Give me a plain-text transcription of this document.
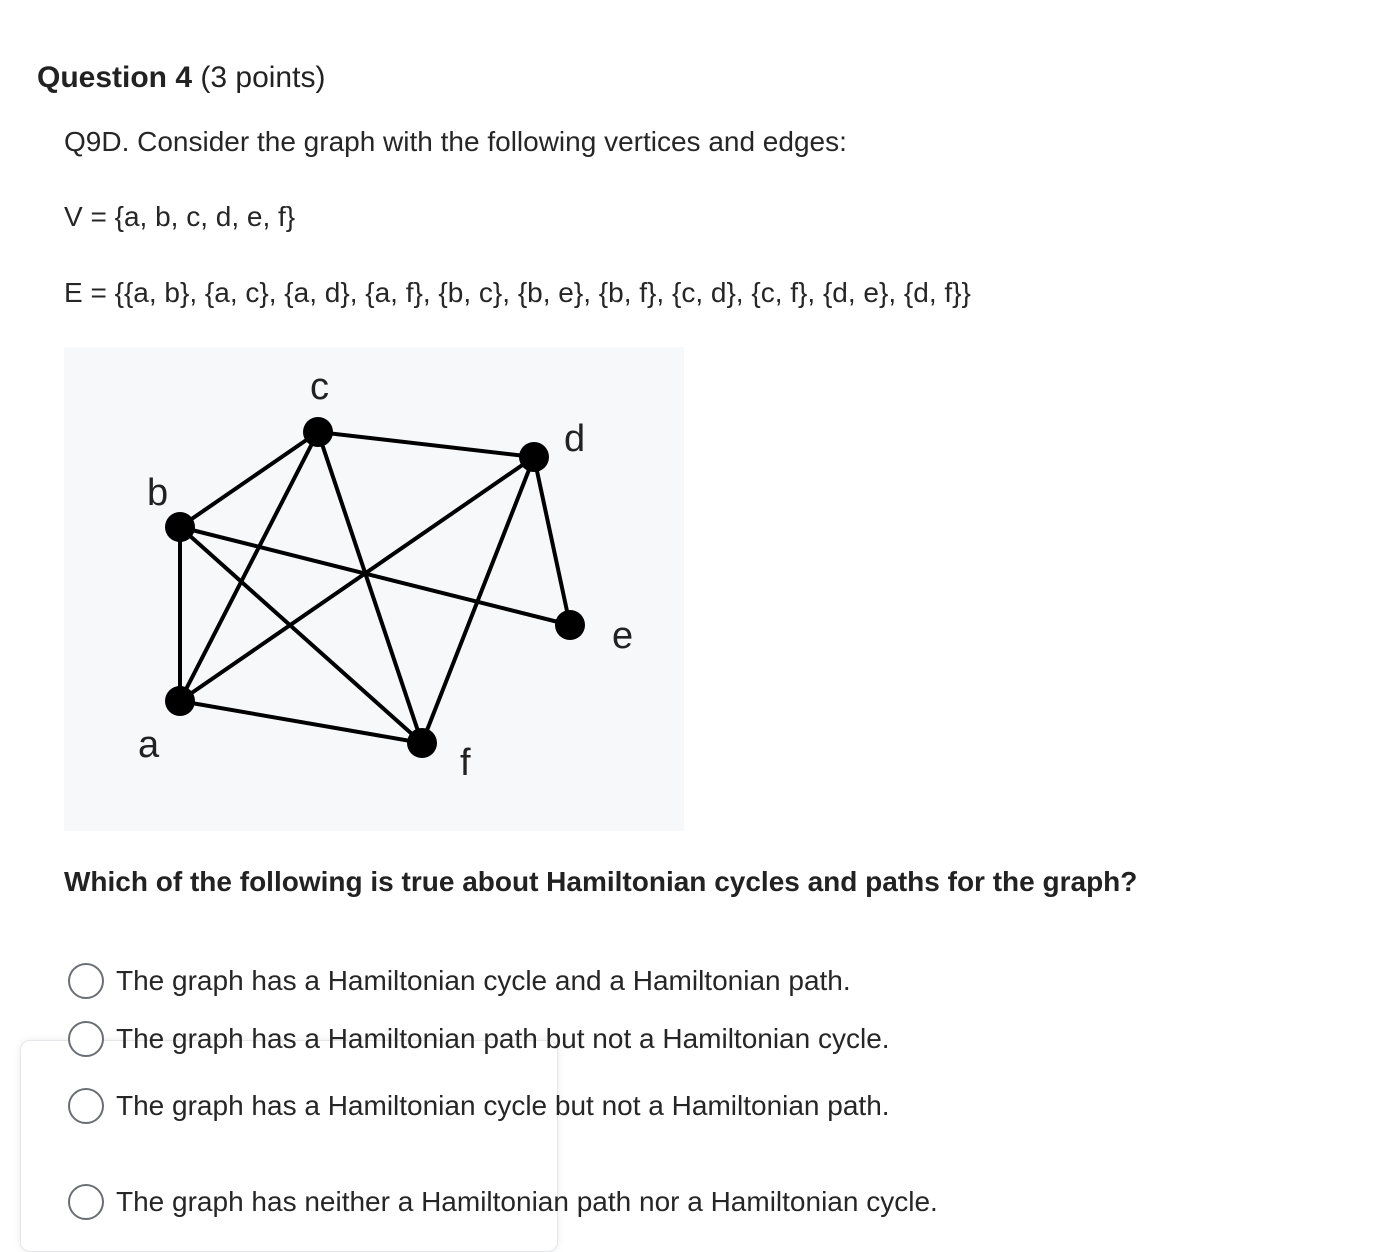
Question 4 (3 points)
Q9D. Consider the graph with the following vertices and edges:
V = {a, b, c, d, e, f}
E = {{a, b}, {a, c}, {a, d}, {a, f}, {b, c}, {b, e}, {b, f}, {c, d}, {c, f}, {d, e}, {d, f}}
a
b
c
d
e
f
Which of the following is true about Hamiltonian cycles and paths for the graph?
The graph has a Hamiltonian cycle and a Hamiltonian path.
The graph has a Hamiltonian path but not a Hamiltonian cycle.
The graph has a Hamiltonian cycle but not a Hamiltonian path.
The graph has neither a Hamiltonian path nor a Hamiltonian cycle.
